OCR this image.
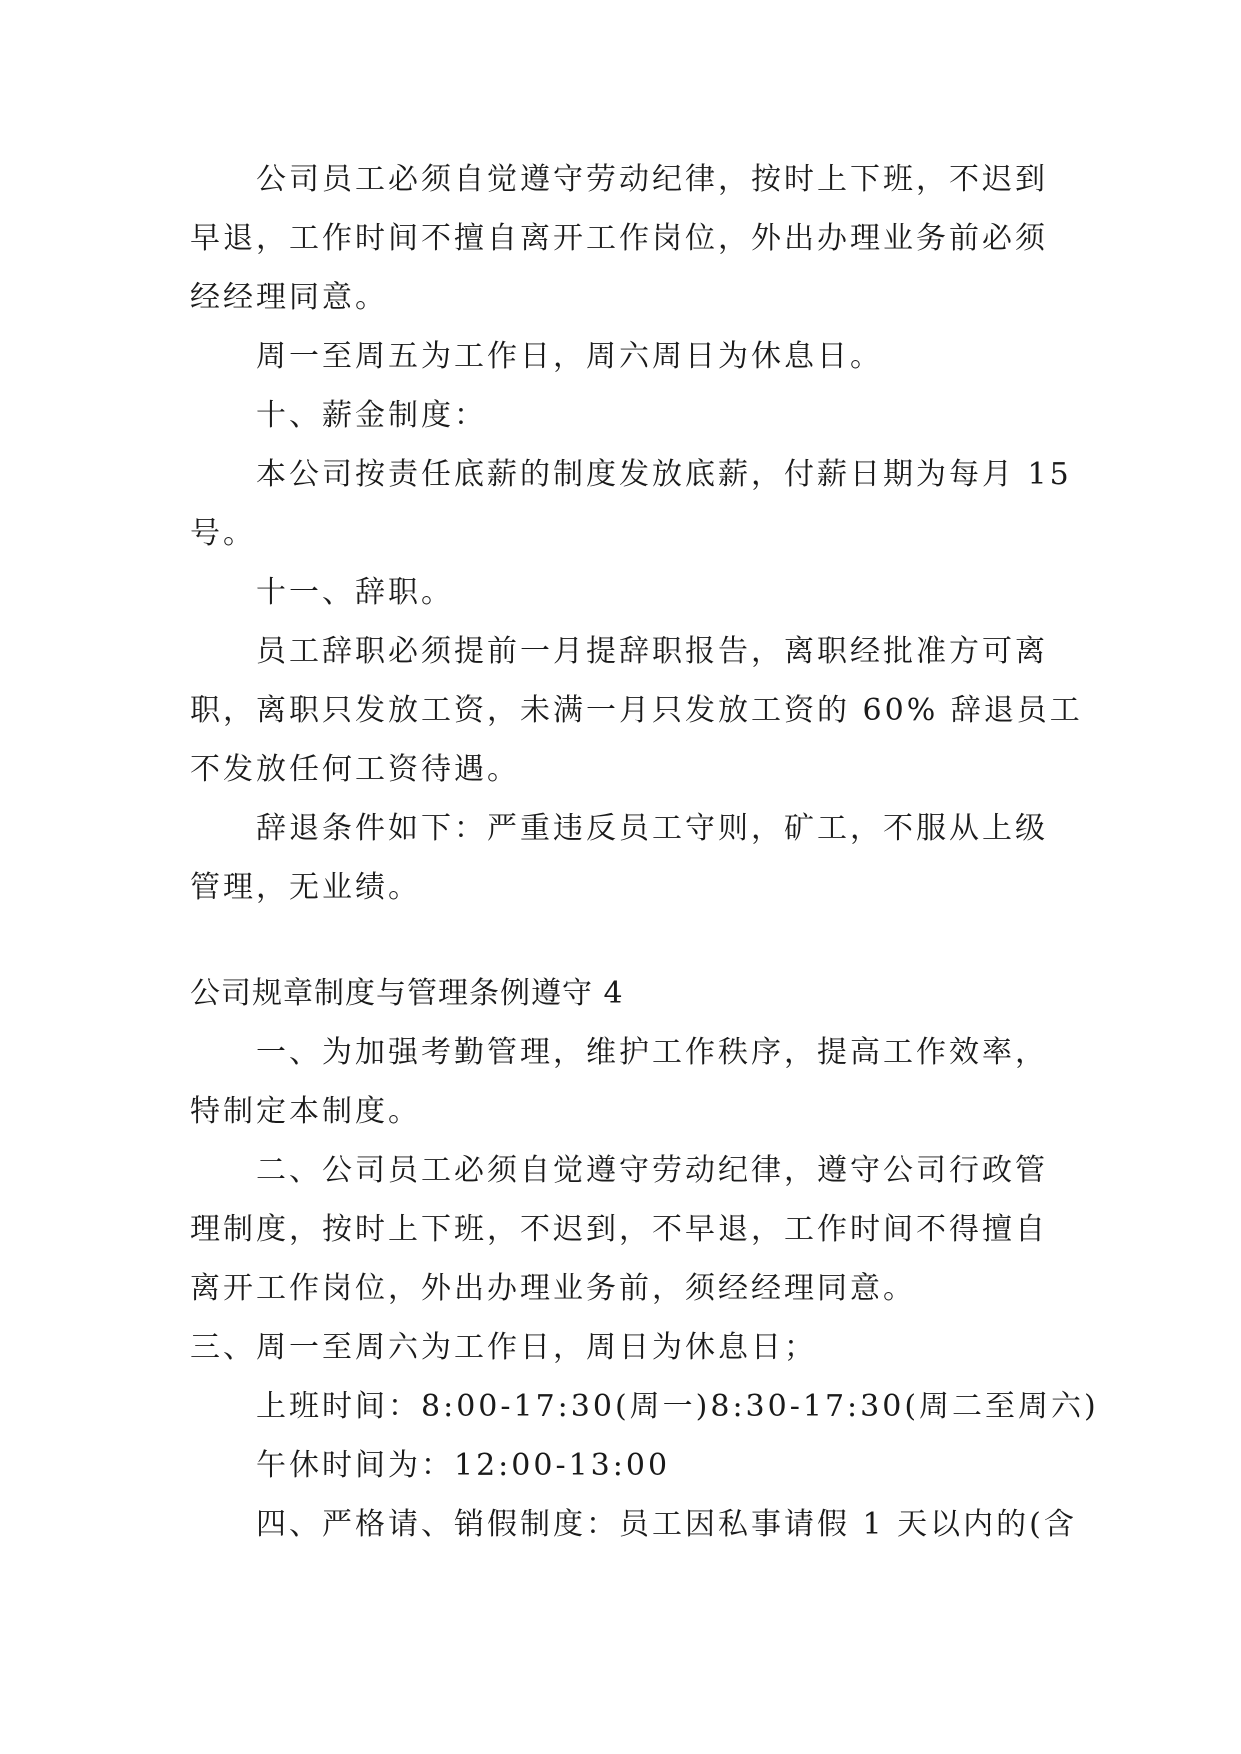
公司员工必须自觉遵守劳动纪律，按时上下班，不迟到
早退，工作时间不擅自离开工作岗位，外出办理业务前必须
经经理同意。
周一至周五为工作日，周六周日为休息日。
十、薪金制度：
本公司按责任底薪的制度发放底薪，付薪日期为每月 15
号。
十一、辞职。
员工辞职必须提前一月提辞职报告，离职经批准方可离
职，离职只发放工资，未满一月只发放工资的 60% 辞退员工
不发放任何工资待遇。
辞退条件如下：严重违反员工守则，矿工，不服从上级
管理，无业绩。
公司规章制度与管理条例遵守 4
一、为加强考勤管理，维护工作秩序，提高工作效率，
特制定本制度。
二、公司员工必须自觉遵守劳动纪律，遵守公司行政管
理制度，按时上下班，不迟到，不早退，工作时间不得擅自
离开工作岗位，外出办理业务前，须经经理同意。
三、周一至周六为工作日，周日为休息日；
上班时间：8:00-17:30(周一)8:30-17:30(周二至周六)
午休时间为：12:00-13:00
四、严格请、销假制度：员工因私事请假 1 天以内的(含
